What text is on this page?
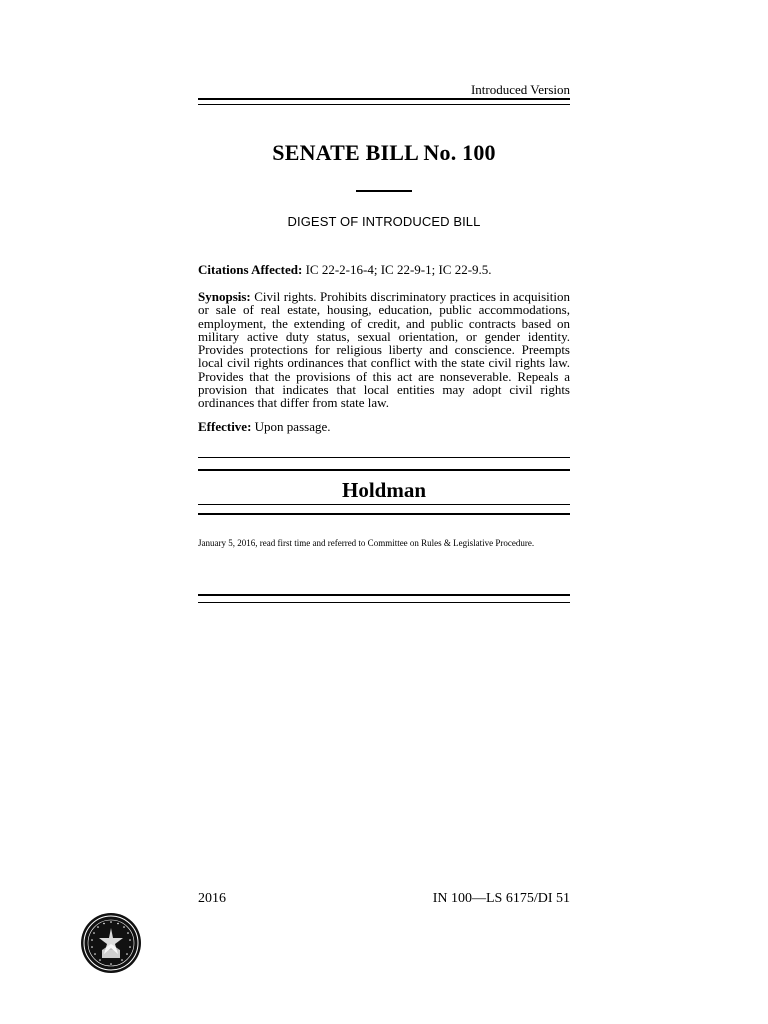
Introduced Version
SENATE BILL No. 100
DIGEST OF INTRODUCED BILL
Citations Affected: IC 22-2-16-4; IC 22-9-1; IC 22-9.5.
Synopsis: Civil rights. Prohibits discriminatory practices in acquisition or sale of real estate, housing, education, public accommodations, employment, the extending of credit, and public contracts based on military active duty status, sexual orientation, or gender identity. Provides protections for religious liberty and conscience. Preempts local civil rights ordinances that conflict with the state civil rights law. Provides that the provisions of this act are nonseverable. Repeals a provision that indicates that local entities may adopt civil rights ordinances that differ from state law.
Effective: Upon passage.
Holdman
January 5, 2016, read first time and referred to Committee on Rules & Legislative Procedure.
2016	IN 100—LS 6175/DI 51
